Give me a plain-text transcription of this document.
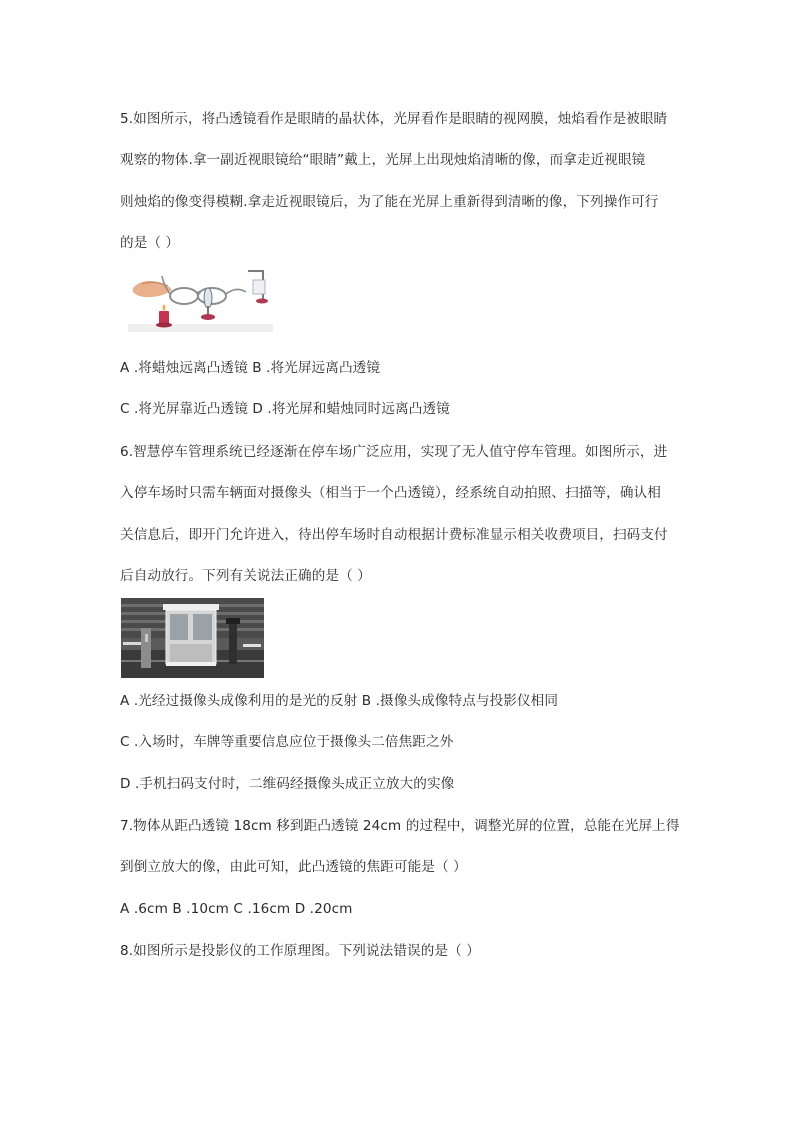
5.如图所示，将凸透镜看作是眼睛的晶状体，光屏看作是眼睛的视网膜，烛焰看作是被眼睛
观察的物体.拿一副近视眼镜给“眼睛”戴上，光屏上出现烛焰清晰的像，而拿走近视眼镜
则烛焰的像变得模糊.拿走近视眼镜后，为了能在光屏上重新得到清晰的像，下列操作可行
的是（ ）
A .将蜡烛远离凸透镜 B .将光屏远离凸透镜
C .将光屏靠近凸透镜 D .将光屏和蜡烛同时远离凸透镜
6.智慧停车管理系统已经逐渐在停车场广泛应用，实现了无人值守停车管理。如图所示，进
入停车场时只需车辆面对摄像头（相当于一个凸透镜），经系统自动拍照、扫描等，确认相
关信息后，即开门允许进入，待出停车场时自动根据计费标准显示相关收费项目，扫码支付
后自动放行。下列有关说法正确的是（ ）
A .光经过摄像头成像利用的是光的反射 B .摄像头成像特点与投影仪相同
C .入场时，车牌等重要信息应位于摄像头二倍焦距之外
D .手机扫码支付时，二维码经摄像头成正立放大的实像
7.物体从距凸透镜 18cm 移到距凸透镜 24cm 的过程中，调整光屏的位置，总能在光屏上得
到倒立放大的像，由此可知，此凸透镜的焦距可能是（ ）
A .6cm B .10cm C .16cm D .20cm
8.如图所示是投影仪的工作原理图。下列说法错误的是（ ）
